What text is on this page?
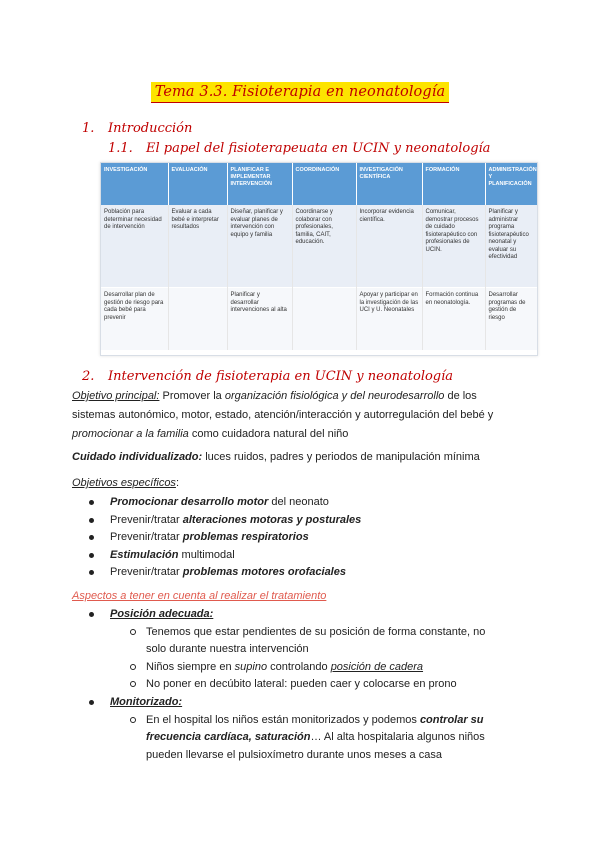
Tema 3.3. Fisioterapia en neonatología
1. Introducción
1.1. El papel del fisioterapeuata en UCIN y neonatología
INVESTIGACIÓN	EVALUACIÓN	PLANIFICAR E IMPLEMENTAR INTERVENCIÓN	COORDINACIÓN	INVESTIGACIÓN CIENTÍFICA	FORMACIÓN	ADMINISTRACIÓN Y PLANIFICACIÓN
Población para determinar necesidad de intervención	Evaluar a cada bebé e interpretar resultados	Diseñar, planificar y evaluar planes de intervención con equipo y familia	Coordinarse y colaborar con profesionales, familia, CAIT, educación.	Incorporar evidencia científica.	Comunicar, demostrar procesos de cuidado fisioterapéutico con profesionales de UCIN.	Planificar y administrar programa fisioterapéutico neonatal y evaluar su efectividad
Desarrollar plan de gestión de riesgo para cada bebé para prevenir		Planificar y desarrollar intervenciones al alta		Apoyar y participar en la investigación de las UCI y U. Neonatales	Formación continua en neonatología.	Desarrollar programas de gestión de riesgo
2. Intervención de fisioterapia en UCIN y neonatología
Objetivo principal: Promover la organización fisiológica y del neurodesarrollo de los sistemas autonómico, motor, estado, atención/interacción y autorregulación del bebé y promocionar a la familia como cuidadora natural del niño
Cuidado individualizado: luces ruidos, padres y periodos de manipulación mínima
Objetivos específicos:
Promocionar desarrollo motor del neonato
Prevenir/tratar alteraciones motoras y posturales
Prevenir/tratar problemas respiratorios
Estimulación multimodal
Prevenir/tratar problemas motores orofaciales
Aspectos a tener en cuenta al realizar el tratamiento
Posición adecuada:
Tenemos que estar pendientes de su posición de forma constante, no solo durante nuestra intervención
Niños siempre en supino controlando posición de cadera
No poner en decúbito lateral: pueden caer y colocarse en prono
Monitorizado:
En el hospital los niños están monitorizados y podemos controlar su frecuencia cardíaca, saturación… Al alta hospitalaria algunos niños pueden llevarse el pulsioxímetro durante unos meses a casa
